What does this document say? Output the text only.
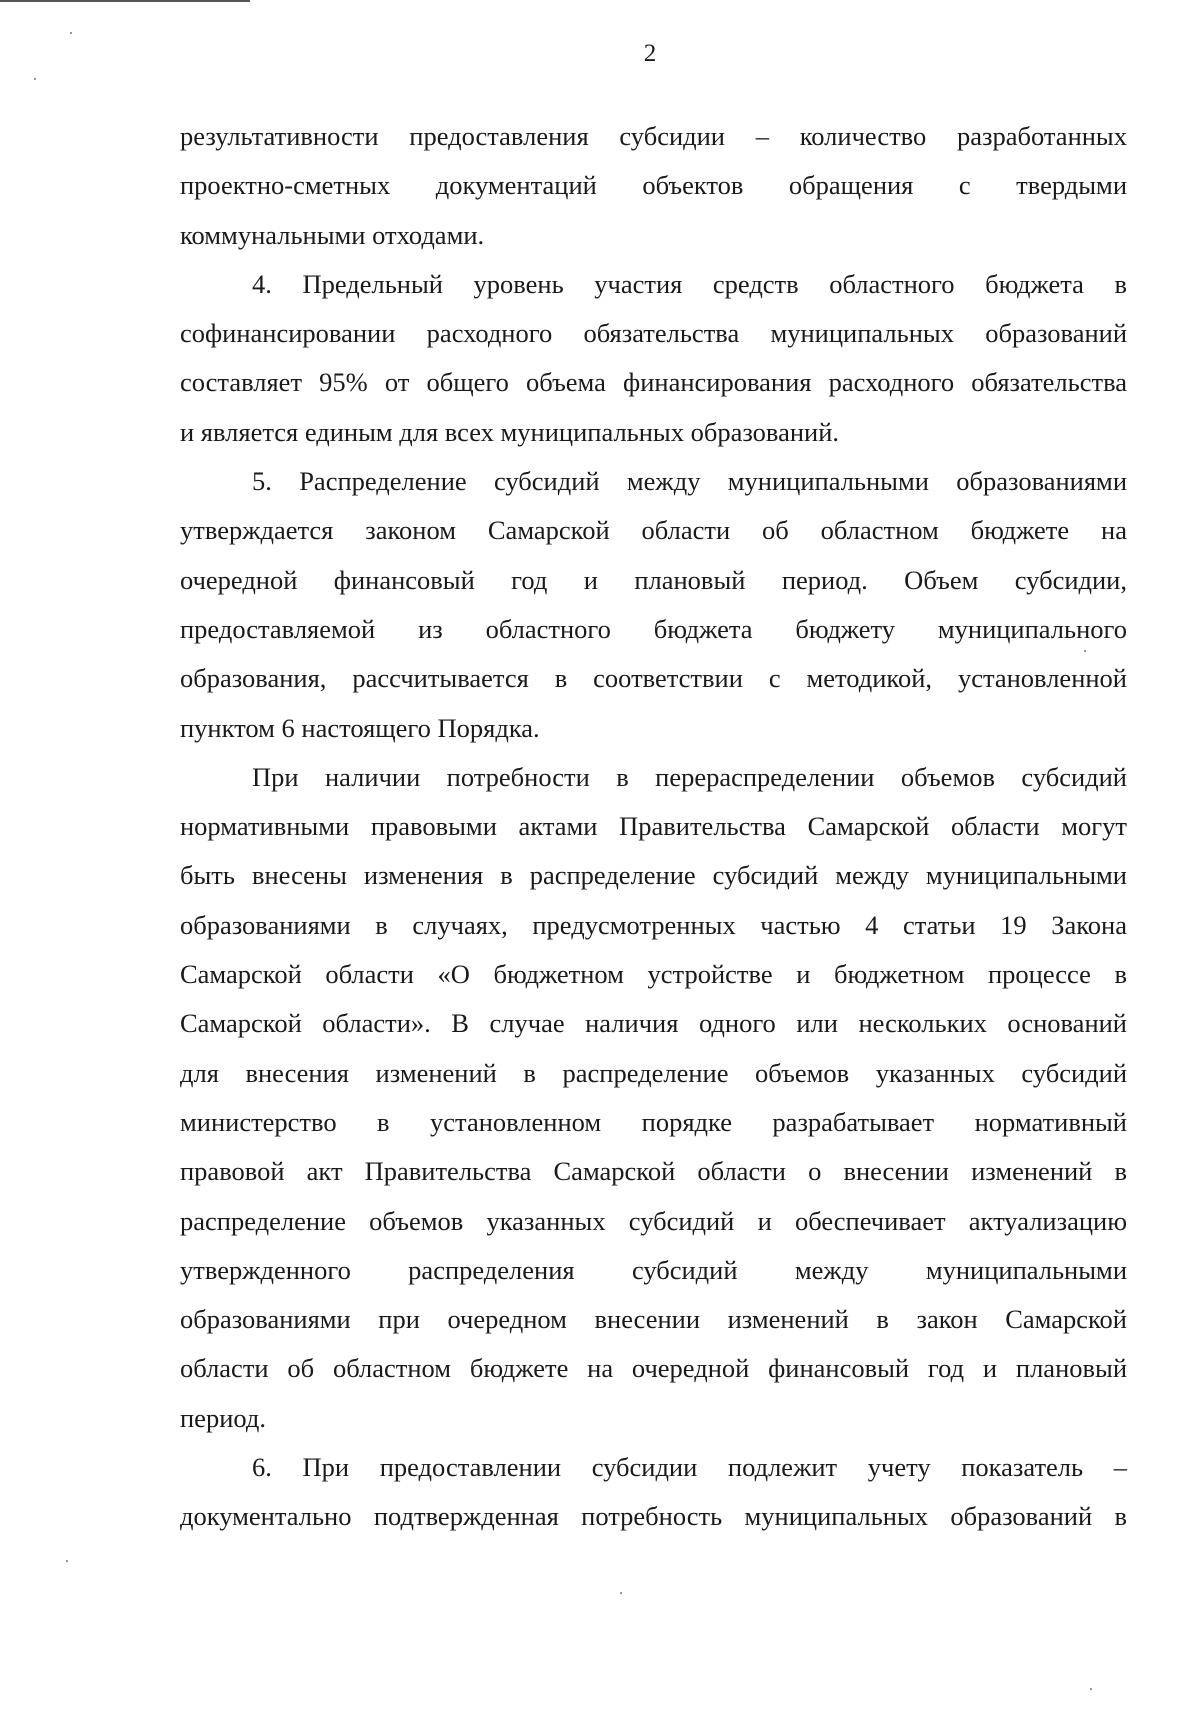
2

результативности предоставления субсидии – количество разработанных
проектно-сметных документаций объектов обращения с твердыми
коммунальными отходами.

4. Предельный уровень участия средств областного бюджета в
софинансировании расходного обязательства муниципальных образований
составляет 95% от общего объема финансирования расходного обязательства
и является единым для всех муниципальных образований.

5. Распределение субсидий между муниципальными образованиями
утверждается законом Самарской области об областном бюджете на
очередной финансовый год и плановый период. Объем субсидии,
предоставляемой из областного бюджета бюджету муниципального
образования, рассчитывается в соответствии с методикой, установленной
пунктом 6 настоящего Порядка.

При наличии потребности в перераспределении объемов субсидий
нормативными правовыми актами Правительства Самарской области могут
быть внесены изменения в распределение субсидий между муниципальными
образованиями в случаях, предусмотренных частью 4 статьи 19 Закона
Самарской области «О бюджетном устройстве и бюджетном процессе в
Самарской области». В случае наличия одного или нескольких оснований
для внесения изменений в распределение объемов указанных субсидий
министерство в установленном порядке разрабатывает нормативный
правовой акт Правительства Самарской области о внесении изменений в
распределение объемов указанных субсидий и обеспечивает актуализацию
утвержденного распределения субсидий между муниципальными
образованиями при очередном внесении изменений в закон Самарской
области об областном бюджете на очередной финансовый год и плановый
период.

6. При предоставлении субсидии подлежит учету показатель –
документально подтвержденная потребность муниципальных образований в
